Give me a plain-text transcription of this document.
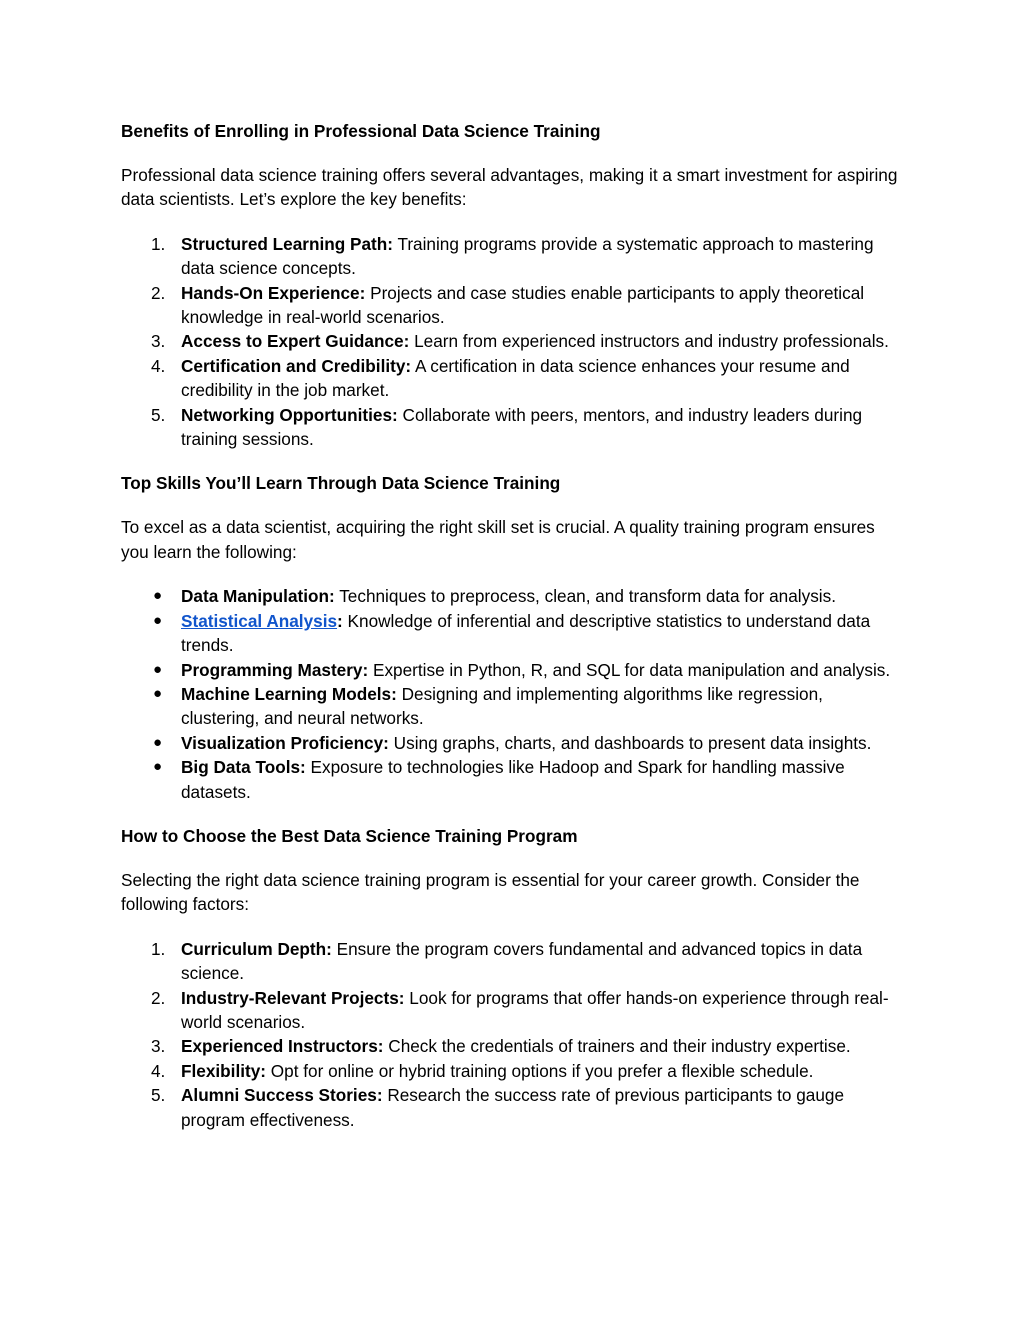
Benefits of Enrolling in Professional Data Science Training

Professional data science training offers several advantages, making it a smart investment for aspiring data scientists. Let’s explore the key benefits:

1. Structured Learning Path: Training programs provide a systematic approach to mastering data science concepts.
2. Hands-On Experience: Projects and case studies enable participants to apply theoretical knowledge in real-world scenarios.
3. Access to Expert Guidance: Learn from experienced instructors and industry professionals.
4. Certification and Credibility: A certification in data science enhances your resume and credibility in the job market.
5. Networking Opportunities: Collaborate with peers, mentors, and industry leaders during training sessions.

Top Skills You’ll Learn Through Data Science Training

To excel as a data scientist, acquiring the right skill set is crucial. A quality training program ensures you learn the following:

●	Data Manipulation: Techniques to preprocess, clean, and transform data for analysis.
●	Statistical Analysis: Knowledge of inferential and descriptive statistics to understand data trends.
●	Programming Mastery: Expertise in Python, R, and SQL for data manipulation and analysis.
●	Machine Learning Models: Designing and implementing algorithms like regression, clustering, and neural networks.
●	Visualization Proficiency: Using graphs, charts, and dashboards to present data insights.
●	Big Data Tools: Exposure to technologies like Hadoop and Spark for handling massive datasets.

How to Choose the Best Data Science Training Program

Selecting the right data science training program is essential for your career growth. Consider the following factors:

1. Curriculum Depth: Ensure the program covers fundamental and advanced topics in data science.
2. Industry-Relevant Projects: Look for programs that offer hands-on experience through real-world scenarios.
3. Experienced Instructors: Check the credentials of trainers and their industry expertise.
4. Flexibility: Opt for online or hybrid training options if you prefer a flexible schedule.
5. Alumni Success Stories: Research the success rate of previous participants to gauge program effectiveness.
